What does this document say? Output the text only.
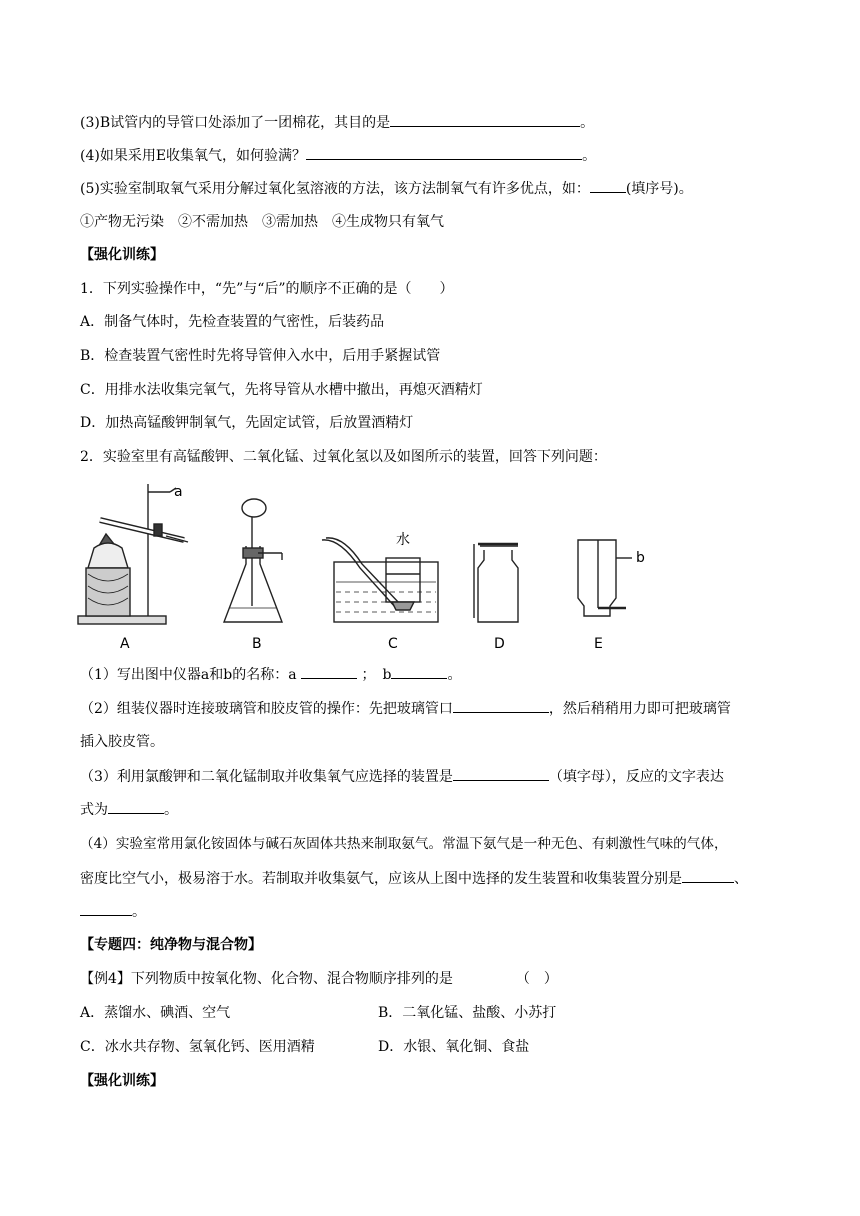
(3)B试管内的导管口处添加了一团棉花，其目的是	。
(4)如果采用E收集氧气，如何验满？	。
(5)实验室制取氧气采用分解过氧化氢溶液的方法，该方法制氧气有许多优点，如：	(填序号)。
①产物无污染　②不需加热　③需加热　④生成物只有氧气
【强化训练】
1．下列实验操作中，“先”与“后”的顺序不正确的是（　　）
A．制备气体时，先检查装置的气密性，后装药品
B．检查装置气密性时先将导管伸入水中，后用手紧握试管
C．用排水法收集完氧气，先将导管从水槽中撤出，再熄灭酒精灯
D．加热高锰酸钾制氧气，先固定试管，后放置酒精灯
2．实验室里有高锰酸钾、二氧化锰、过氧化氢以及如图所示的装置，回答下列问题：
a
b
水
A	B	C	D	E
（1）写出图中仪器a和b的名称：a	；　b	。
（2）组装仪器时连接玻璃管和胶皮管的操作：先把玻璃管口	，然后稍稍用力即可把玻璃管
插入胶皮管。
（3）利用氯酸钾和二氧化锰制取并收集氧气应选择的装置是	（填字母），反应的文字表达
式为	。
（4）实验室常用氯化铵固体与碱石灰固体共热来制取氨气。常温下氨气是一种无色、有刺激性气味的气体，
密度比空气小，极易溶于水。若制取并收集氨气，应该从上图中选择的发生装置和收集装置分别是	、
。
【专题四：纯净物与混合物】
【例4】下列物质中按氧化物、化合物、混合物顺序排列的是　　　　　（　）
A．蒸馏水、碘酒、空气	B．二氧化锰、盐酸、小苏打
C．冰水共存物、氢氧化钙、医用酒精	D．水银、氧化铜、食盐
【强化训练】
